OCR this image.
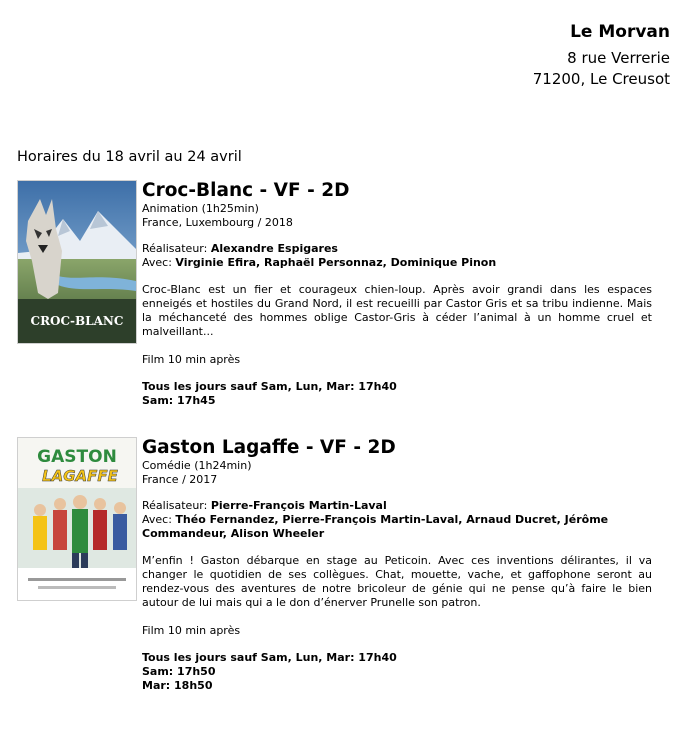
Le Morvan
8 rue Verrerie
71200, Le Creusot
Horaires du 18 avril au 24 avril
CROC-BLANC
Croc-Blanc - VF - 2D
Animation (1h25min)
France, Luxembourg / 2018
Réalisateur: Alexandre Espigares
Avec: Virginie Efira, Raphaël Personnaz, Dominique Pinon
Croc-Blanc est un fier et courageux chien-loup. Après avoir grandi dans les espaces enneigés et hostiles du Grand Nord, il est recueilli par Castor Gris et sa tribu indienne. Mais la méchanceté des hommes oblige Castor-Gris à céder l’animal à un homme cruel et malveillant...
Film 10 min après
Tous les jours sauf Sam, Lun, Mar: 17h40
Sam: 17h45
GASTON
LAGAFFE
Gaston Lagaffe - VF - 2D
Comédie (1h24min)
France / 2017
Réalisateur: Pierre-François Martin-Laval
Avec: Théo Fernandez, Pierre-François Martin-Laval, Arnaud Ducret, Jérôme Commandeur, Alison Wheeler
M’enfin ! Gaston débarque en stage au Peticoin. Avec ces inventions délirantes, il va changer le quotidien de ses collègues. Chat, mouette, vache, et gaffophone seront au rendez-vous des aventures de notre bricoleur de génie qui ne pense qu’à faire le bien autour de lui mais qui a le don d’énerver Prunelle son patron.
Film 10 min après
Tous les jours sauf Sam, Lun, Mar: 17h40
Sam: 17h50
Mar: 18h50
